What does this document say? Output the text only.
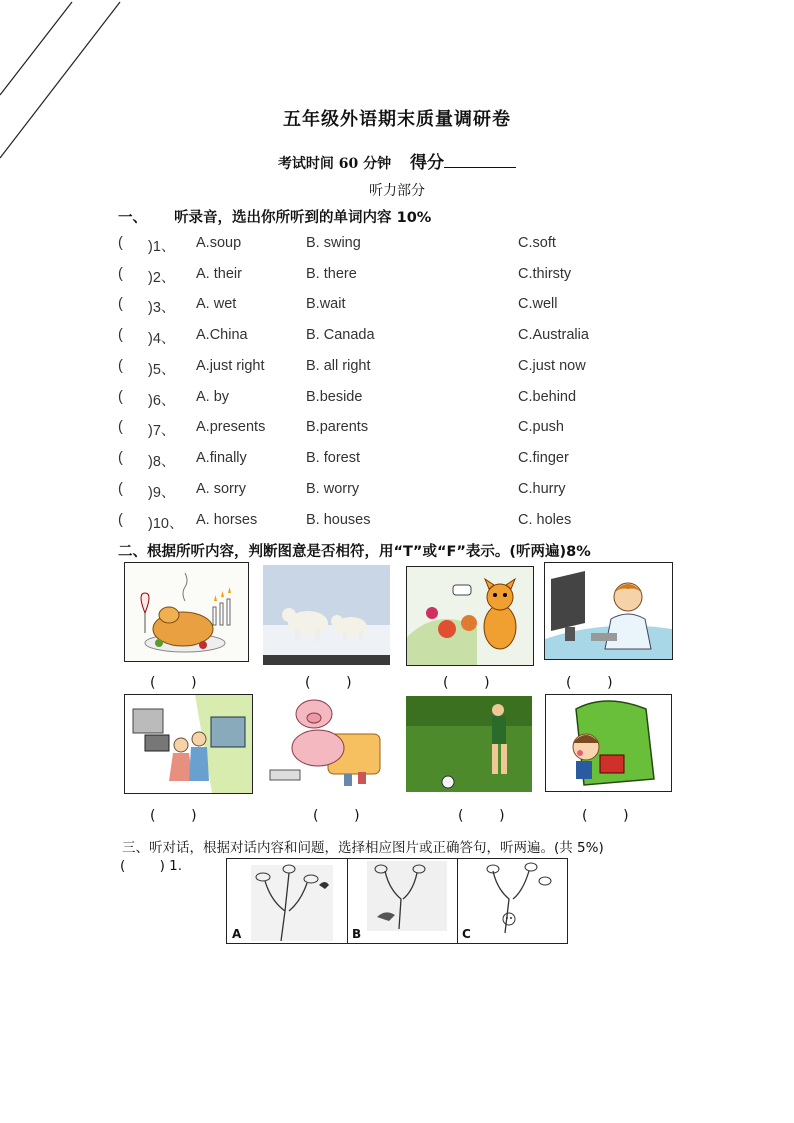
五年级外语期末质量调研卷
考试时间 60 分钟 得分
听力部分
一、 听录音，选出你所听到的单词内容 10%
( )1、 A.soup	B. swing	C.soft
( )2、 A. their	B. there	C.thirsty
( )3、 A. wet	B.wait	C.well
( )4、 A.China	B. Canada	C.Australia
( )5、 A.just right	B. all right	C.just now
( )6、 A. by	B.beside	C.behind
( )7、 A.presents	B.parents	C.push
( )8、 A.finally	B. forest	C.finger
( )9、 A. sorry	B. worry	C.hurry
( )10、 A. horses	B. houses	C. holes
二、根据所听内容，判断图意是否相符，用“T”或“F”表示。(听两遍)8%
(        )	(        )	(        )	(        )
(        )	(        )	(        )	(        )
三、听对话，根据对话内容和问题，选择相应图片或正确答句，听两遍。(共 5%)
(        ) 1.
A	B	C
